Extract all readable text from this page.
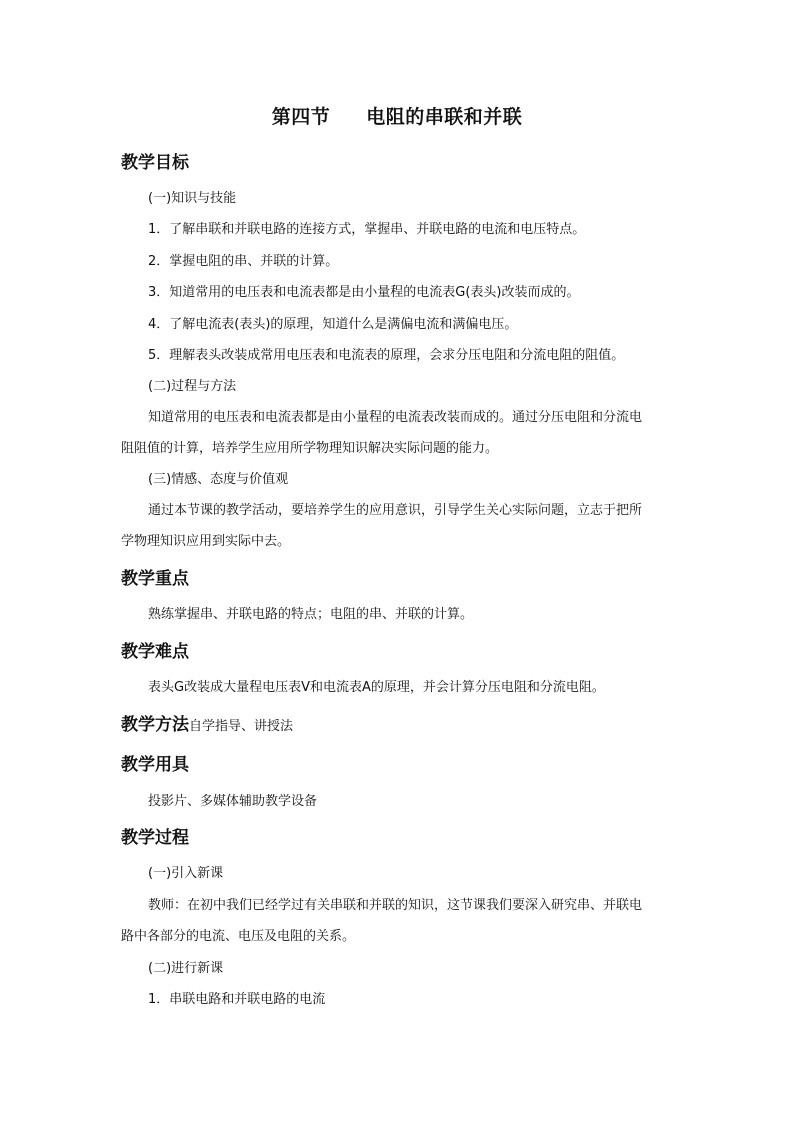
第四节 电阻的串联和并联
教学目标
(一)知识与技能
1．了解串联和并联电路的连接方式，掌握串、并联电路的电流和电压特点。
2．掌握电阻的串、并联的计算。
3．知道常用的电压表和电流表都是由小量程的电流表G(表头)改装而成的。
4．了解电流表(表头)的原理，知道什么是满偏电流和满偏电压。
5．理解表头改装成常用电压表和电流表的原理，会求分压电阻和分流电阻的阻值。
(二)过程与方法
知道常用的电压表和电流表都是由小量程的电流表改装而成的。通过分压电阻和分流电
阻阻值的计算，培养学生应用所学物理知识解决实际问题的能力。
(三)情感、态度与价值观
通过本节课的教学活动，要培养学生的应用意识，引导学生关心实际问题，立志于把所
学物理知识应用到实际中去。
教学重点
熟练掌握串、并联电路的特点；电阻的串、并联的计算。
教学难点
表头G改装成大量程电压表V和电流表A的原理，并会计算分压电阻和分流电阻。
教学方法自学指导、讲授法
教学用具
投影片、多媒体辅助教学设备
教学过程
(一)引入新课
教师：在初中我们已经学过有关串联和并联的知识，这节课我们要深入研究串、并联电
路中各部分的电流、电压及电阻的关系。
(二)进行新课
1．串联电路和并联电路的电流
